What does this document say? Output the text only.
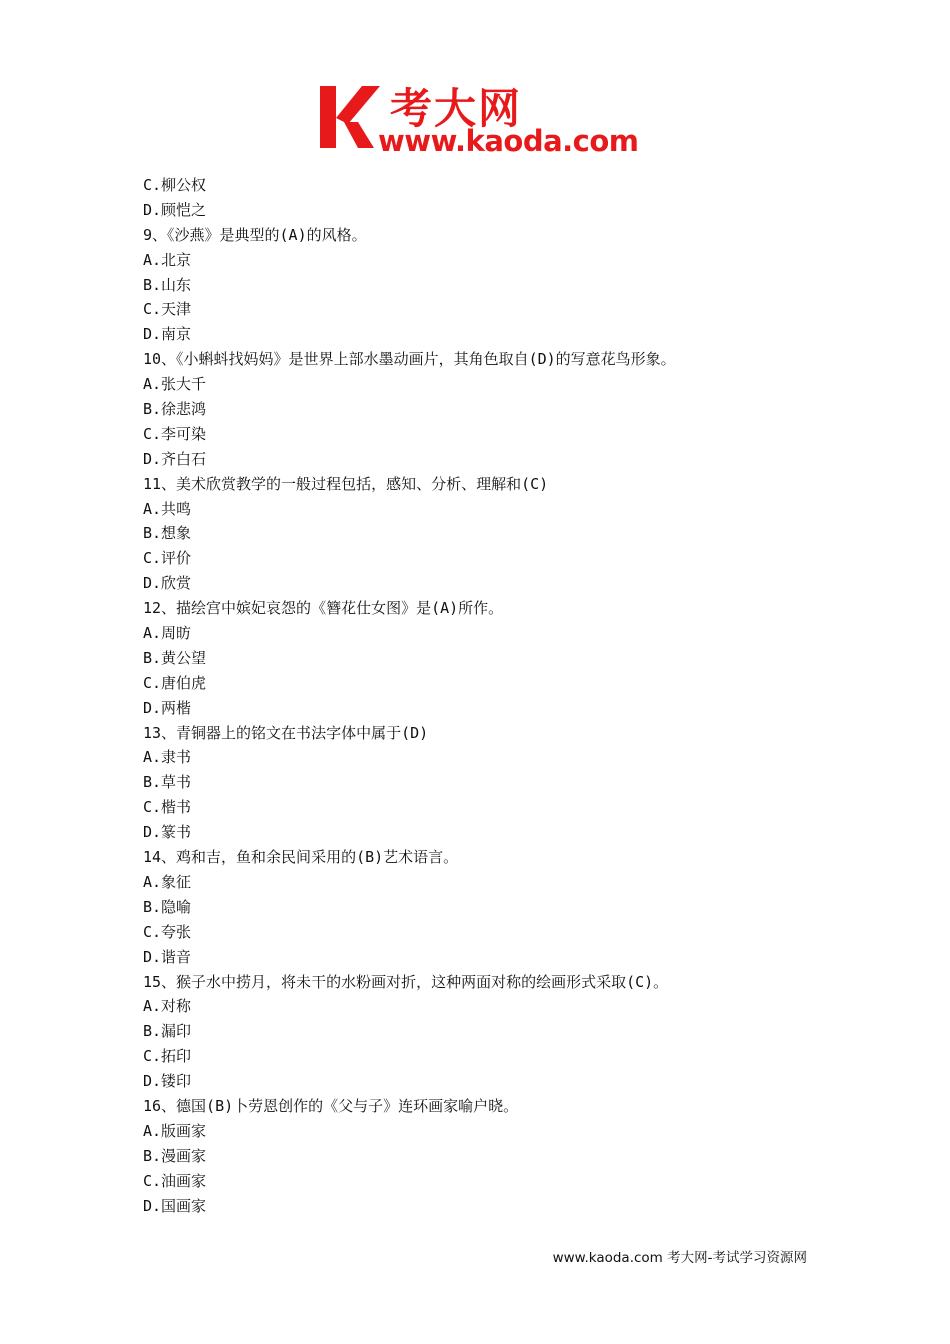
考大网
www.kaoda.com
C.柳公权
D.顾恺之
9、《沙燕》是典型的(A)的风格。
A.北京
B.山东
C.天津
D.南京
10、《小蝌蚪找妈妈》是世界上部水墨动画片，其角色取自(D)的写意花鸟形象。
A.张大千
B.徐悲鸿
C.李可染
D.齐白石
11、美术欣赏教学的一般过程包括，感知、分析、理解和(C)
A.共鸣
B.想象
C.评价
D.欣赏
12、描绘宫中嫔妃哀怨的《簪花仕女图》是(A)所作。
A.周昉
B.黄公望
C.唐伯虎
D.两楷
13、青铜器上的铭文在书法字体中属于(D)
A.隶书
B.草书
C.楷书
D.篆书
14、鸡和吉，鱼和余民间采用的(B)艺术语言。
A.象征
B.隐喻
C.夸张
D.谐音
15、猴子水中捞月，将未干的水粉画对折，这种两面对称的绘画形式采取(C)。
A.对称
B.漏印
C.拓印
D.镂印
16、德国(B)卜劳恩创作的《父与子》连环画家喻户晓。
A.版画家
B.漫画家
C.油画家
D.国画家
www.kaoda.com 考大网-考试学习资源网
